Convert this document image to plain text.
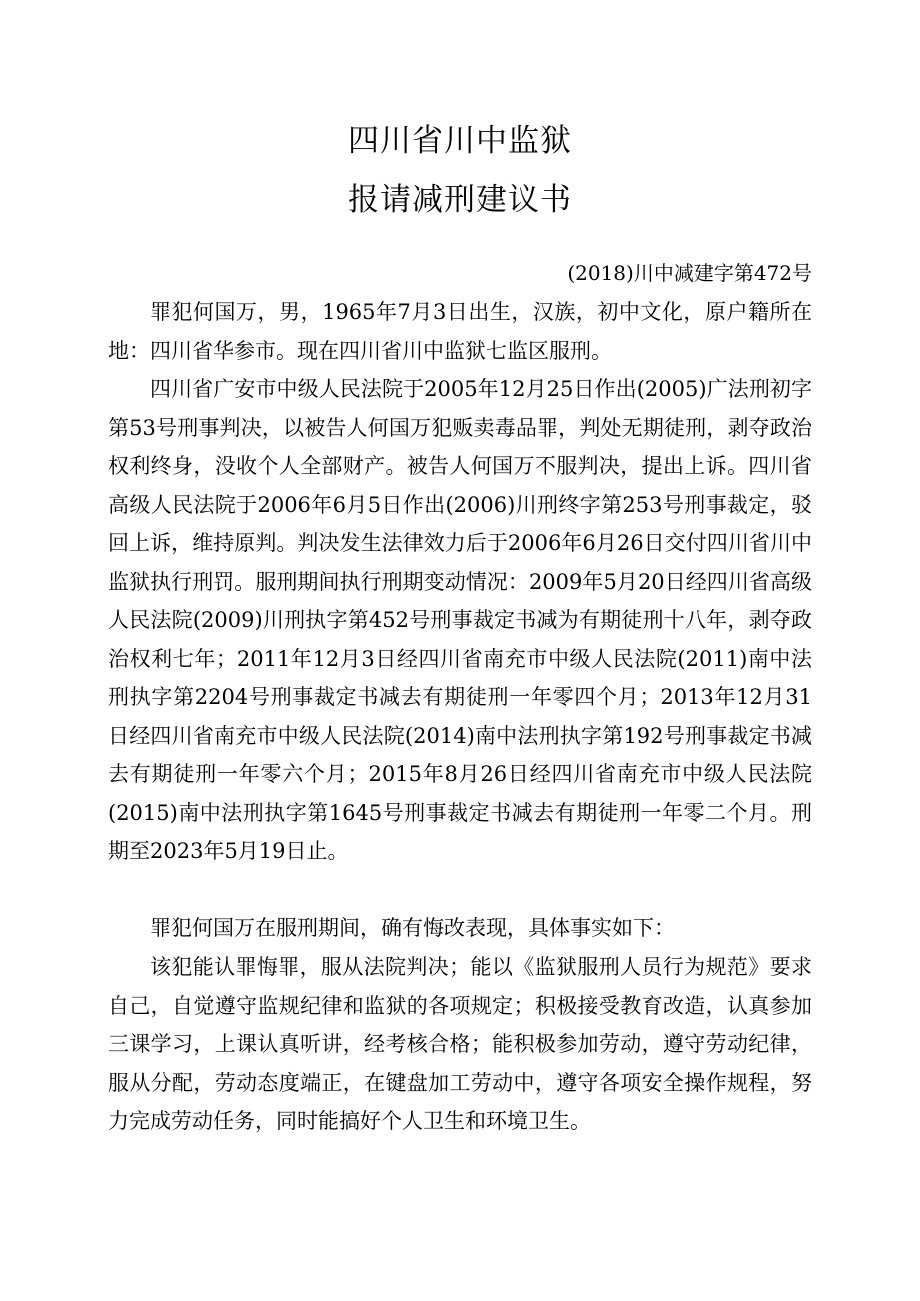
四川省川中监狱
报请减刑建议书
(2018)川中减建字第472号

罪犯何国万，男，1965年7月3日出生，汉族，初中文化，原户籍所在地：四川省华参市。现在四川省川中监狱七监区服刑。

四川省广安市中级人民法院于2005年12月25日作出(2005)广法刑初字第53号刑事判决，以被告人何国万犯贩卖毒品罪，判处无期徒刑，剥夺政治权利终身，没收个人全部财产。被告人何国万不服判决，提出上诉。四川省高级人民法院于2006年6月5日作出(2006)川刑终字第253号刑事裁定，驳回上诉，维持原判。判决发生法律效力后于2006年6月26日交付四川省川中监狱执行刑罚。服刑期间执行刑期变动情况：2009年5月20日经四川省高级人民法院(2009)川刑执字第452号刑事裁定书减为有期徒刑十八年，剥夺政治权利七年；2011年12月3日经四川省南充市中级人民法院(2011)南中法刑执字第2204号刑事裁定书减去有期徒刑一年零四个月；2013年12月31日经四川省南充市中级人民法院(2014)南中法刑执字第192号刑事裁定书减去有期徒刑一年零六个月；2015年8月26日经四川省南充市中级人民法院(2015)南中法刑执字第1645号刑事裁定书减去有期徒刑一年零二个月。刑期至2023年5月19日止。

罪犯何国万在服刑期间，确有悔改表现，具体事实如下：

该犯能认罪悔罪，服从法院判决；能以《监狱服刑人员行为规范》要求自己，自觉遵守监规纪律和监狱的各项规定；积极接受教育改造，认真参加三课学习，上课认真听讲，经考核合格；能积极参加劳动，遵守劳动纪律，服从分配，劳动态度端正，在键盘加工劳动中，遵守各项安全操作规程，努力完成劳动任务，同时能搞好个人卫生和环境卫生。
